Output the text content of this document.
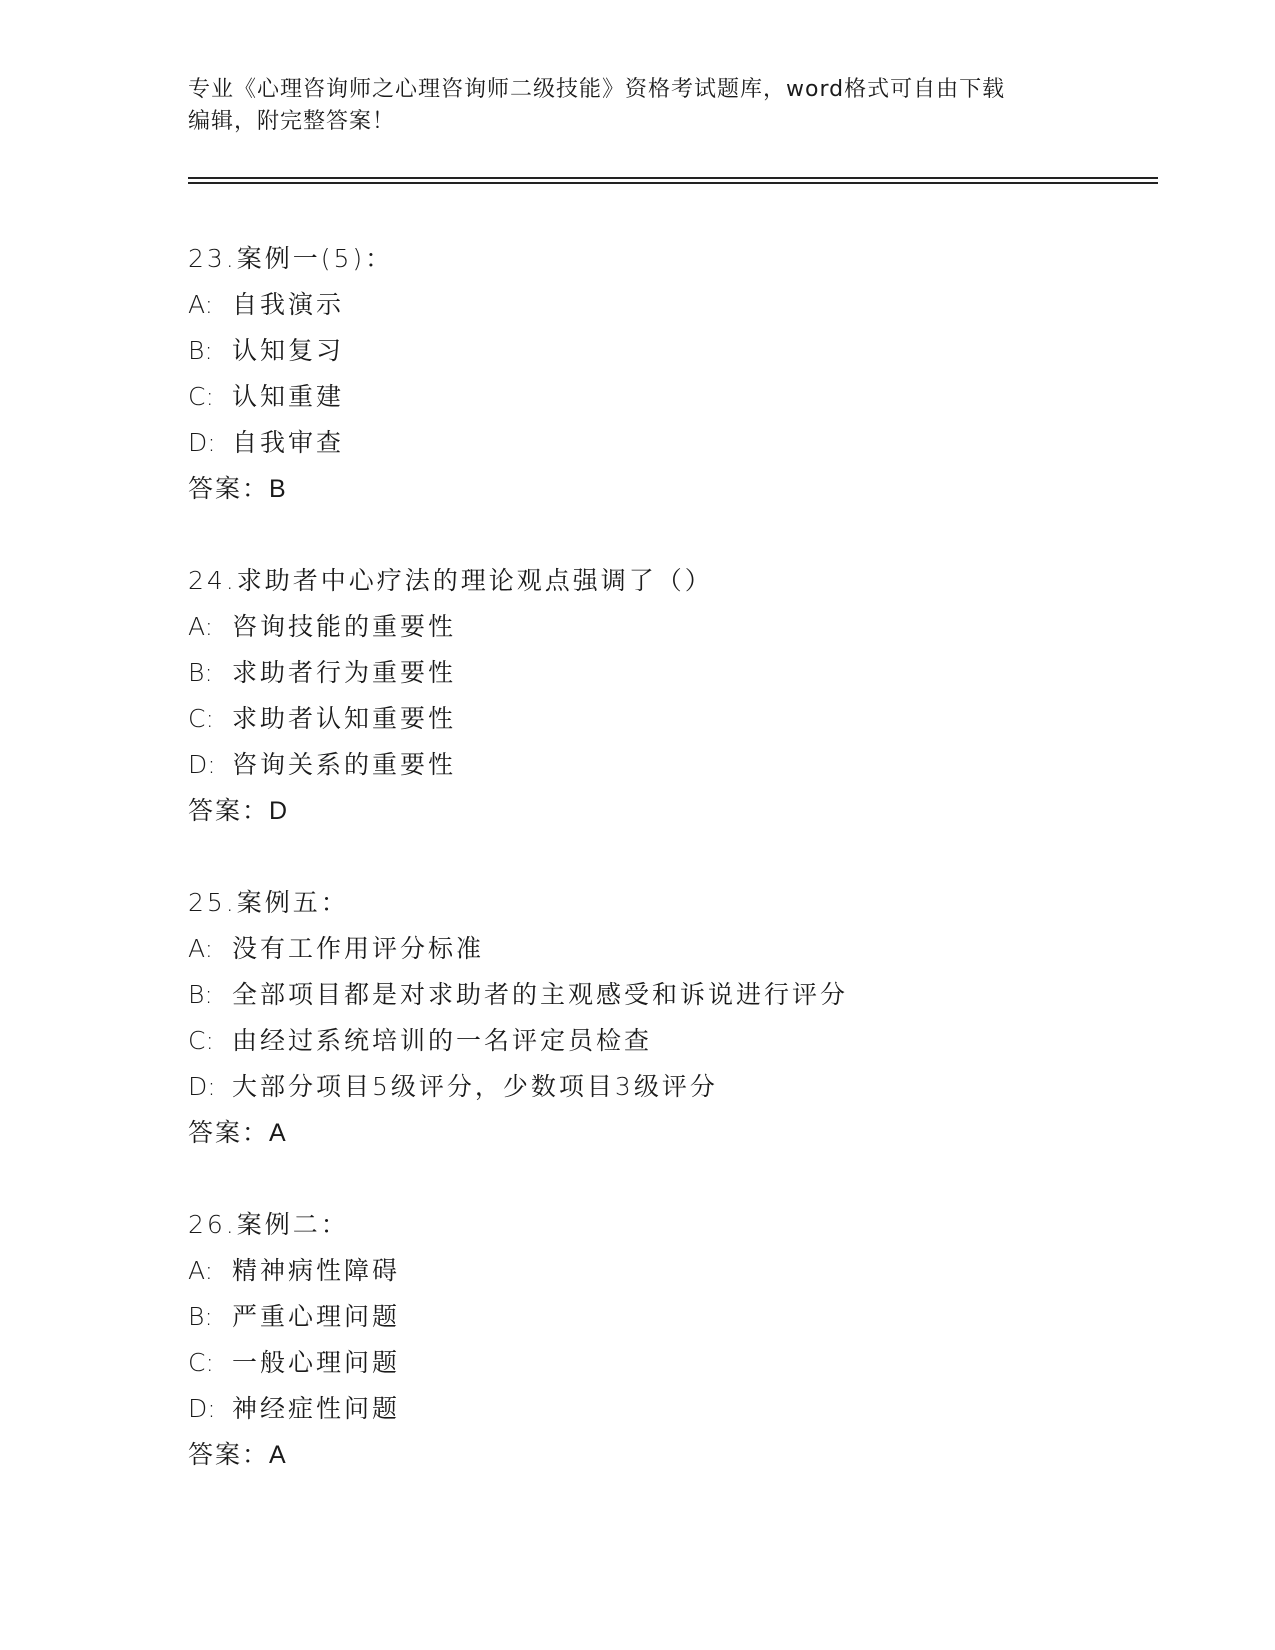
专业《心理咨询师之心理咨询师二级技能》资格考试题库，word格式可自由下载
编辑，附完整答案！
23.案例一(5)：
A: 自我演示
B: 认知复习
C: 认知重建
D: 自我审查
答案：B
24.求助者中心疗法的理论观点强调了（）
A: 咨询技能的重要性
B: 求助者行为重要性
C: 求助者认知重要性
D: 咨询关系的重要性
答案：D
25.案例五：
A: 没有工作用评分标准
B: 全部项目都是对求助者的主观感受和诉说进行评分
C: 由经过系统培训的一名评定员检查
D: 大部分项目5级评分，少数项目3级评分
答案：A
26.案例二：
A: 精神病性障碍
B: 严重心理问题
C: 一般心理问题
D: 神经症性问题
答案：A
